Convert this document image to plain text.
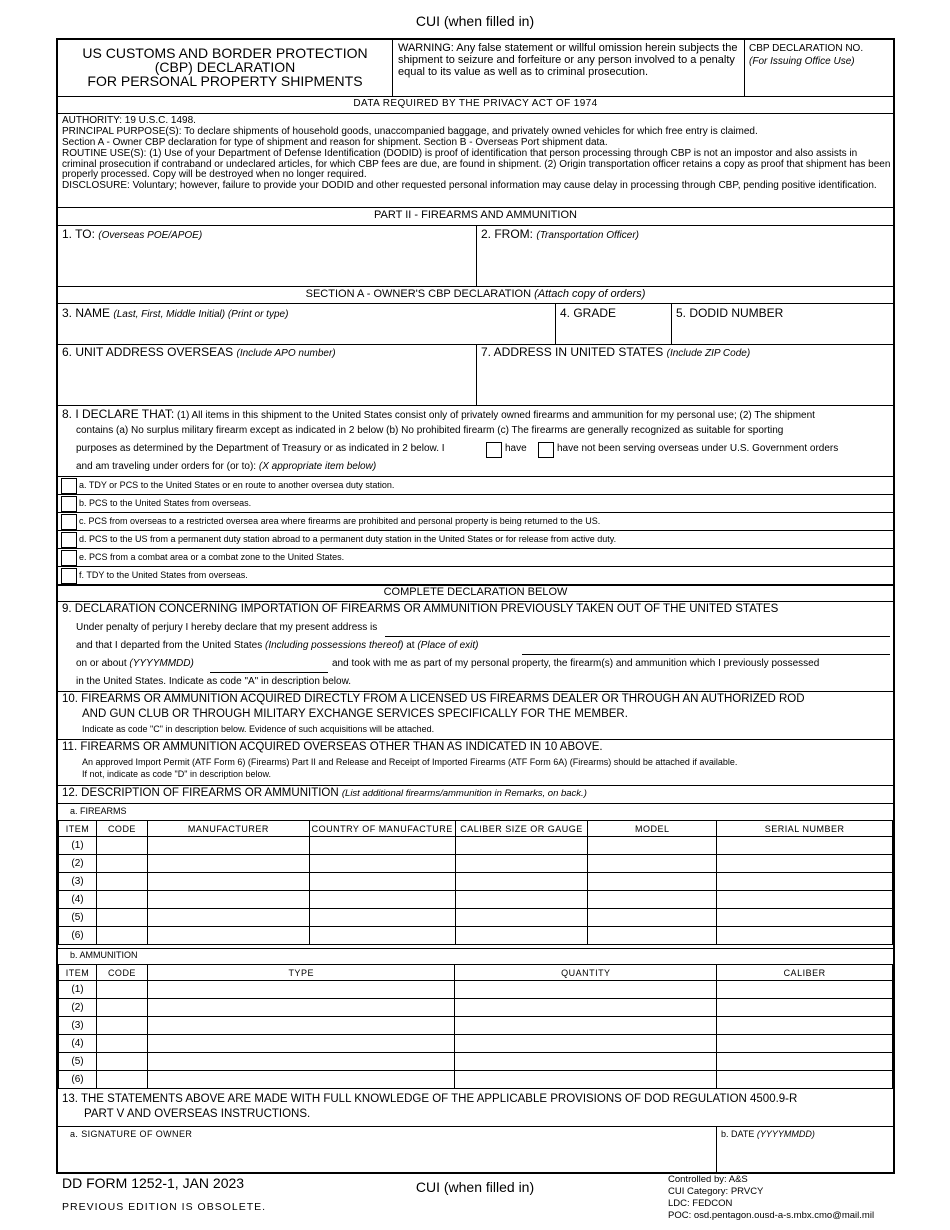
CUI (when filled in)
US CUSTOMS AND BORDER PROTECTION
(CBP) DECLARATION
FOR PERSONAL PROPERTY SHIPMENTS
WARNING: Any false statement or willful omission herein subjects the shipment to seizure and forfeiture or any person involved to a penalty equal to its value as well as to criminal prosecution.
CBP DECLARATION NO.
(For Issuing Office Use)
DATA REQUIRED BY THE PRIVACY ACT OF 1974
AUTHORITY: 19 U.S.C. 1498.
PRINCIPAL PURPOSE(S): To declare shipments of household goods, unaccompanied baggage, and privately owned vehicles for which free entry is claimed.
Section A - Owner CBP declaration for type of shipment and reason for shipment. Section B - Overseas Port shipment data.
ROUTINE USE(S): (1) Use of your Department of Defense Identification (DODID) is proof of identification that person processing through CBP is not an impostor and also assists in criminal prosecution if contraband or undeclared articles, for which CBP fees are due, are found in shipment. (2) Origin transportation officer retains a copy as proof that shipment has been properly processed. Copy will be destroyed when no longer required.
DISCLOSURE: Voluntary; however, failure to provide your DODID and other requested personal information may cause delay in processing through CBP, pending positive identification.
PART II - FIREARMS AND AMMUNITION
1. TO: (Overseas POE/APOE)	2. FROM: (Transportation Officer)
SECTION A - OWNER'S CBP DECLARATION (Attach copy of orders)
3. NAME (Last, First, Middle Initial) (Print or type)	4. GRADE	5. DODID NUMBER
6. UNIT ADDRESS OVERSEAS (Include APO number)	7. ADDRESS IN UNITED STATES (Include ZIP Code)
8. I DECLARE THAT: (1) All items in this shipment to the United States consist only of privately owned firearms and ammunition for my personal use; (2) The shipment
contains (a) No surplus military firearm except as indicated in 2 below (b) No prohibited firearm (c) The firearms are generally recognized as suitable for sporting
purposes as determined by the Department of Treasury or as indicated in 2 below. I	have	have not been serving overseas under U.S. Government orders
and am traveling under orders for (or to): (X appropriate item below)
a. TDY or PCS to the United States or en route to another oversea duty station.
b. PCS to the United States from overseas.
c. PCS from overseas to a restricted oversea area where firearms are prohibited and personal property is being returned to the US.
d. PCS to the US from a permanent duty station abroad to a permanent duty station in the United States or for release from active duty.
e. PCS from a combat area or a combat zone to the United States.
f. TDY to the United States from overseas.
COMPLETE DECLARATION BELOW
9. DECLARATION CONCERNING IMPORTATION OF FIREARMS OR AMMUNITION PREVIOUSLY TAKEN OUT OF THE UNITED STATES
Under penalty of perjury I hereby declare that my present address is
and that I departed from the United States (Including possessions thereof) at (Place of exit)
on or about (YYYYMMDD)	and took with me as part of my personal property, the firearm(s) and ammunition which I previously possessed
in the United States. Indicate as code "A" in description below.
10. FIREARMS OR AMMUNITION ACQUIRED DIRECTLY FROM A LICENSED US FIREARMS DEALER OR THROUGH AN AUTHORIZED ROD
AND GUN CLUB OR THROUGH MILITARY EXCHANGE SERVICES SPECIFICALLY FOR THE MEMBER.
Indicate as code "C" in description below. Evidence of such acquisitions will be attached.
11. FIREARMS OR AMMUNITION ACQUIRED OVERSEAS OTHER THAN AS INDICATED IN 10 ABOVE.
An approved Import Permit (ATF Form 6) (Firearms) Part II and Release and Receipt of Imported Firearms (ATF Form 6A) (Firearms) should be attached if available.
If not, indicate as code "D" in description below.
12. DESCRIPTION OF FIREARMS OR AMMUNITION (List additional firearms/ammunition in Remarks, on back.)
a. FIREARMS
ITEM	CODE	MANUFACTURER	COUNTRY OF MANUFACTURE	CALIBER SIZE OR GAUGE	MODEL	SERIAL NUMBER
(1)						
(2)						
(3)						
(4)						
(5)						
(6)						
b. AMMUNITION
ITEM	CODE	TYPE	QUANTITY	CALIBER
(1)				
(2)				
(3)				
(4)				
(5)				
(6)				
13. THE STATEMENTS ABOVE ARE MADE WITH FULL KNOWLEDGE OF THE APPLICABLE PROVISIONS OF DOD REGULATION 4500.9-R
PART V AND OVERSEAS INSTRUCTIONS.
a. SIGNATURE OF OWNER	b. DATE (YYYYMMDD)
DD FORM 1252-1, JAN 2023
PREVIOUS EDITION IS OBSOLETE.
CUI (when filled in)	Controlled by: A&S
CUI Category: PRVCY
LDC: FEDCON
POC: osd.pentagon.ousd-a-s.mbx.cmo@mail.mil
